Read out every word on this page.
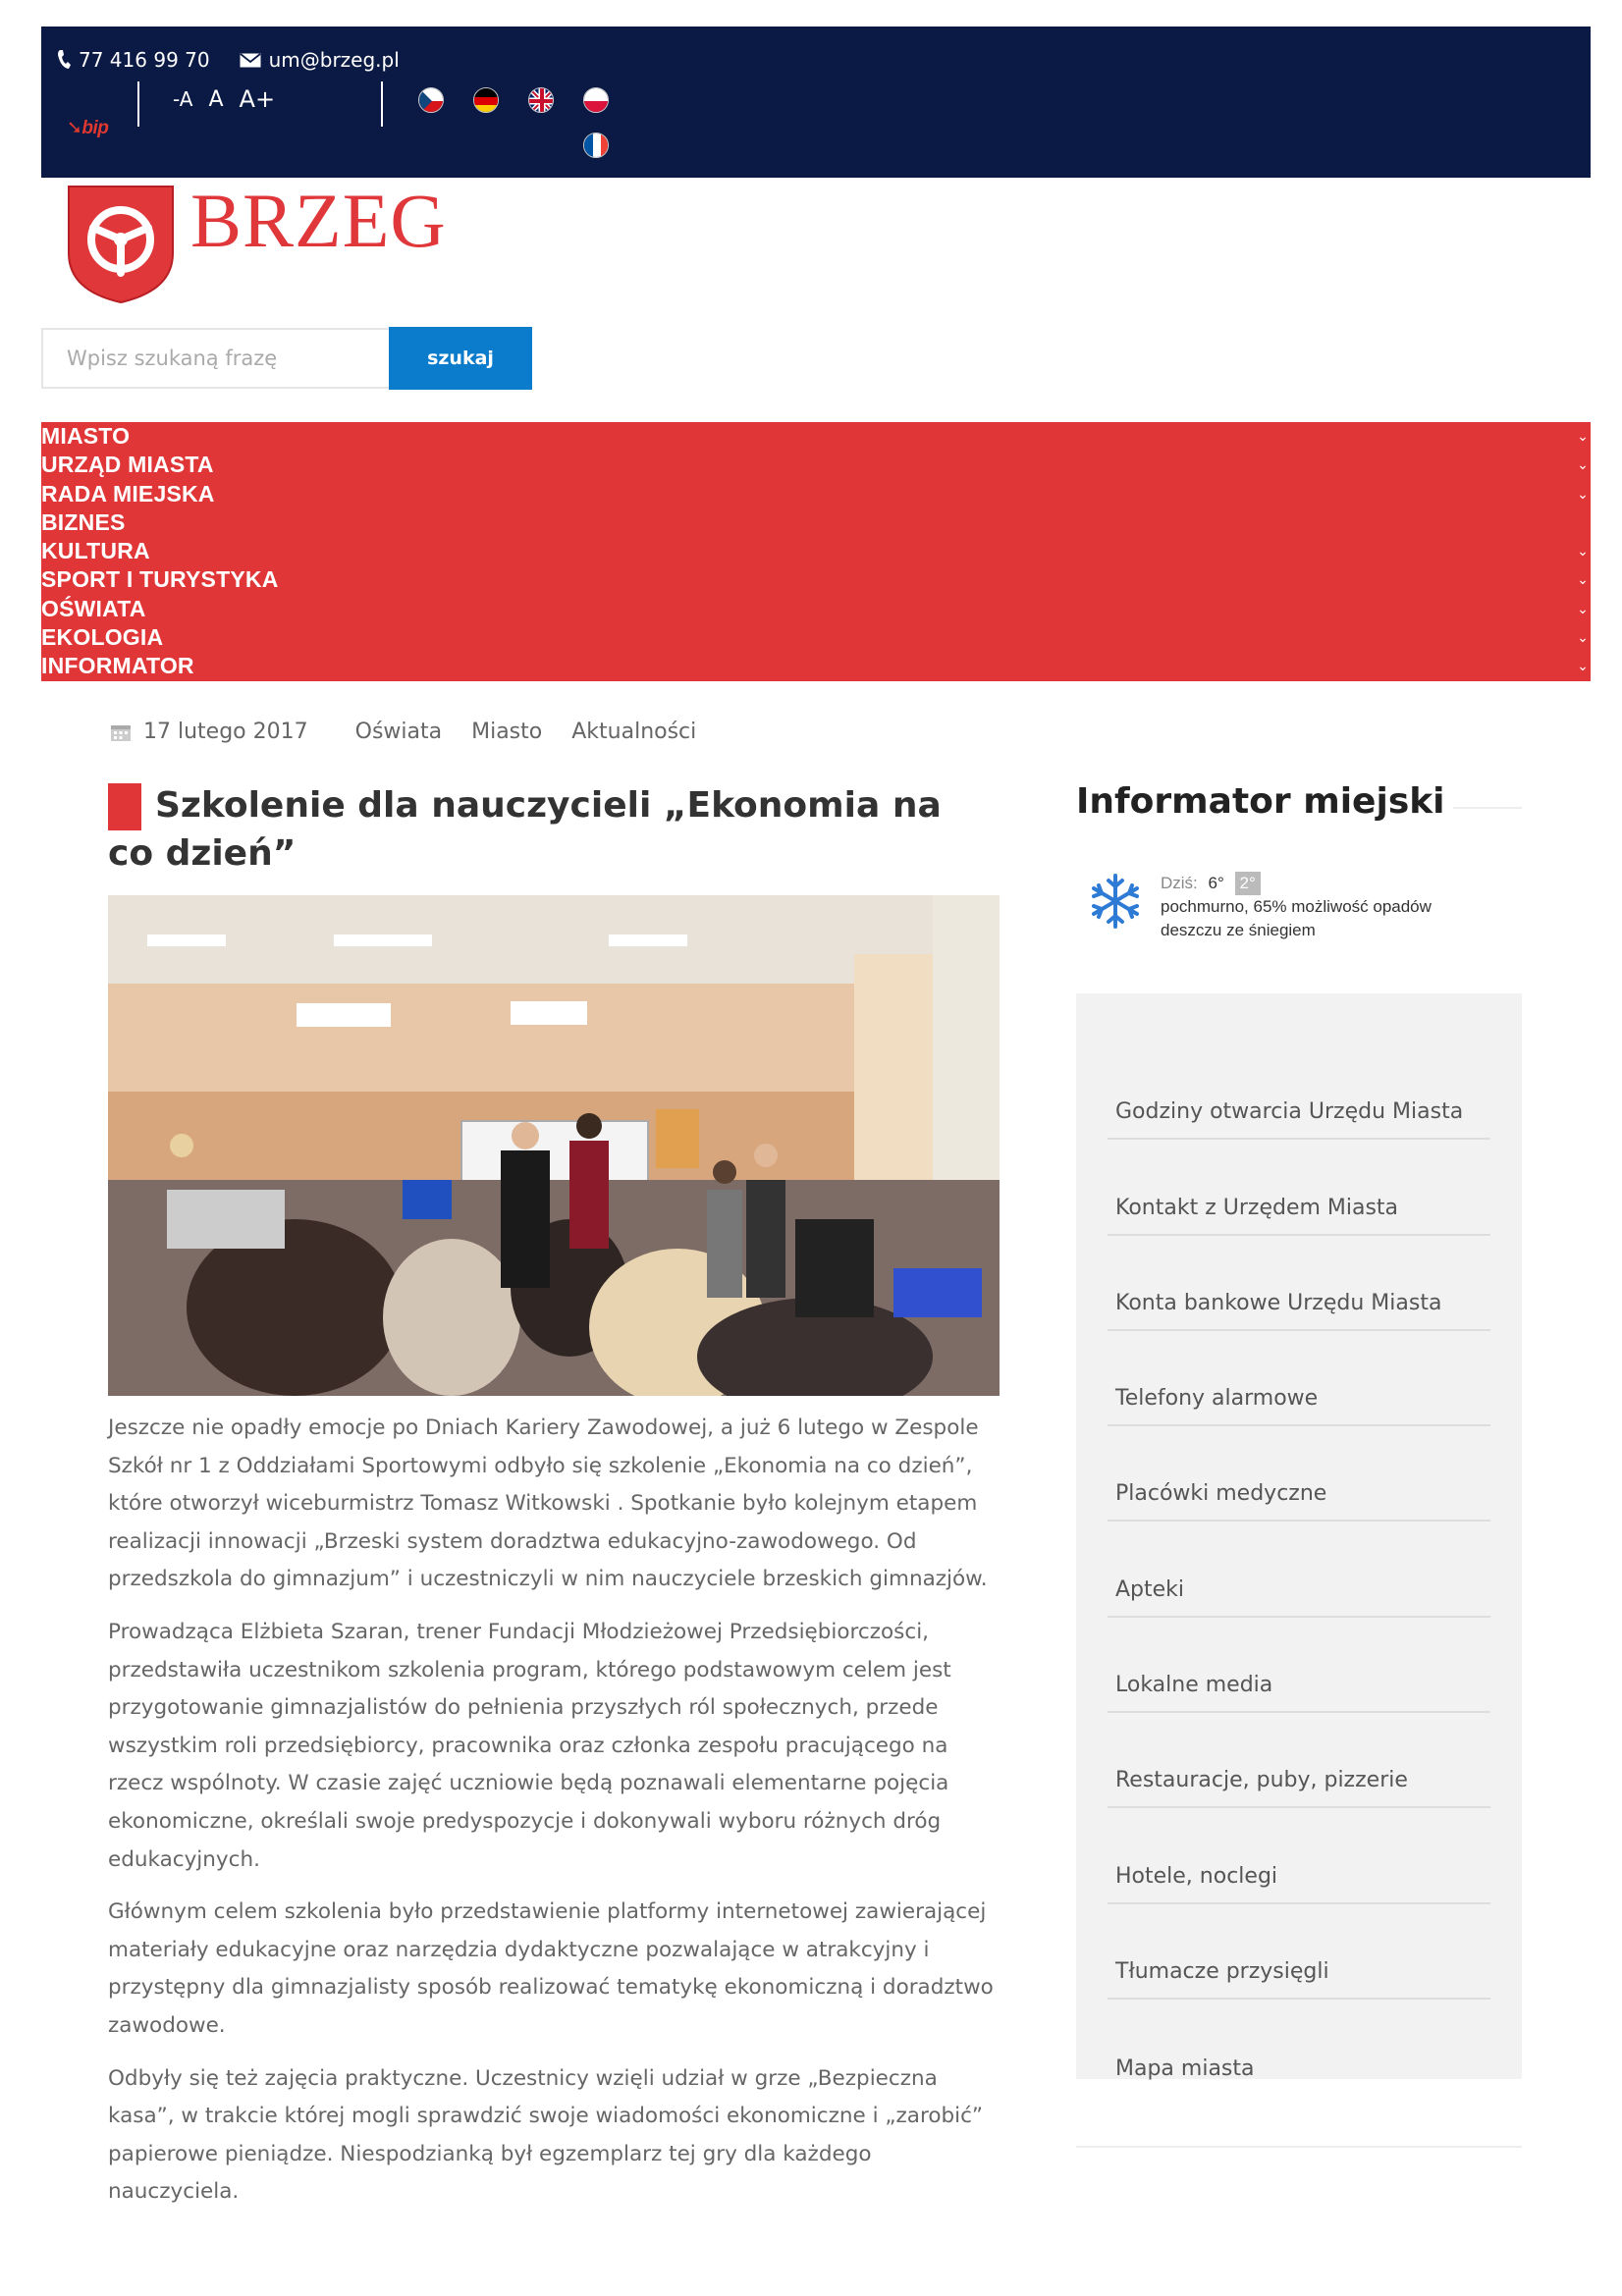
77 416 99 70	um@brzeg.pl
➘bip
-A A A+
BRZEG
Wpisz szukaną frazę
szukaj
MIASTO	⌄
URZĄD MIASTA	⌄
RADA MIEJSKA	⌄
BIZNES
KULTURA	⌄
SPORT I TURYSTYKA	⌄
OŚWIATA	⌄
EKOLOGIA	⌄
INFORMATOR	⌄
17 lutego 2017 Oświata Miasto Aktualności
Szkolenie dla nauczycieli „Ekonomia na co dzień”

Jeszcze nie opadły emocje po Dniach Kariery Zawodowej, a już 6 lutego w Zespole Szkół nr 1 z Oddziałami Sportowymi odbyło się szkolenie „Ekonomia na co dzień”, które otworzył wiceburmistrz Tomasz Witkowski . Spotkanie było kolejnym etapem realizacji innowacji „Brzeski system doradztwa edukacyjno-zawodowego. Od przedszkola do gimnazjum” i uczestniczyli w nim nauczyciele brzeskich gimnazjów.

Prowadząca Elżbieta Szaran, trener Fundacji Młodzieżowej Przedsiębiorczości, przedstawiła uczestnikom szkolenia program, którego podstawowym celem jest przygotowanie gimnazjalistów do pełnienia przyszłych ról społecznych, przede wszystkim roli przedsiębiorcy, pracownika oraz członka zespołu pracującego na rzecz wspólnoty. W czasie zajęć uczniowie będą poznawali elementarne pojęcia ekonomiczne, określali swoje predyspozycje i dokonywali wyboru różnych dróg edukacyjnych.

Głównym celem szkolenia było przedstawienie platformy internetowej zawierającej materiały edukacyjne oraz narzędzia dydaktyczne pozwalające w atrakcyjny i przystępny dla gimnazjalisty sposób realizować tematykę ekonomiczną i doradztwo zawodowe.

Odbyły się też zajęcia praktyczne. Uczestnicy wzięli udział w grze „Bezpieczna kasa”, w trakcie której mogli sprawdzić swoje wiadomości ekonomiczne i „zarobić” papierowe pieniądze. Niespodzianką był egzemplarz tej gry dla każdego nauczyciela.

Informator miejski
Dziś: 6° 2°
pochmurno, 65% możliwość opadów deszczu ze śniegiem
Godziny otwarcia Urzędu Miasta
Kontakt z Urzędem Miasta
Konta bankowe Urzędu Miasta
Telefony alarmowe
Placówki medyczne
Apteki
Lokalne media
Restauracje, puby, pizzerie
Hotele, noclegi
Tłumacze przysięgli
Mapa miasta
